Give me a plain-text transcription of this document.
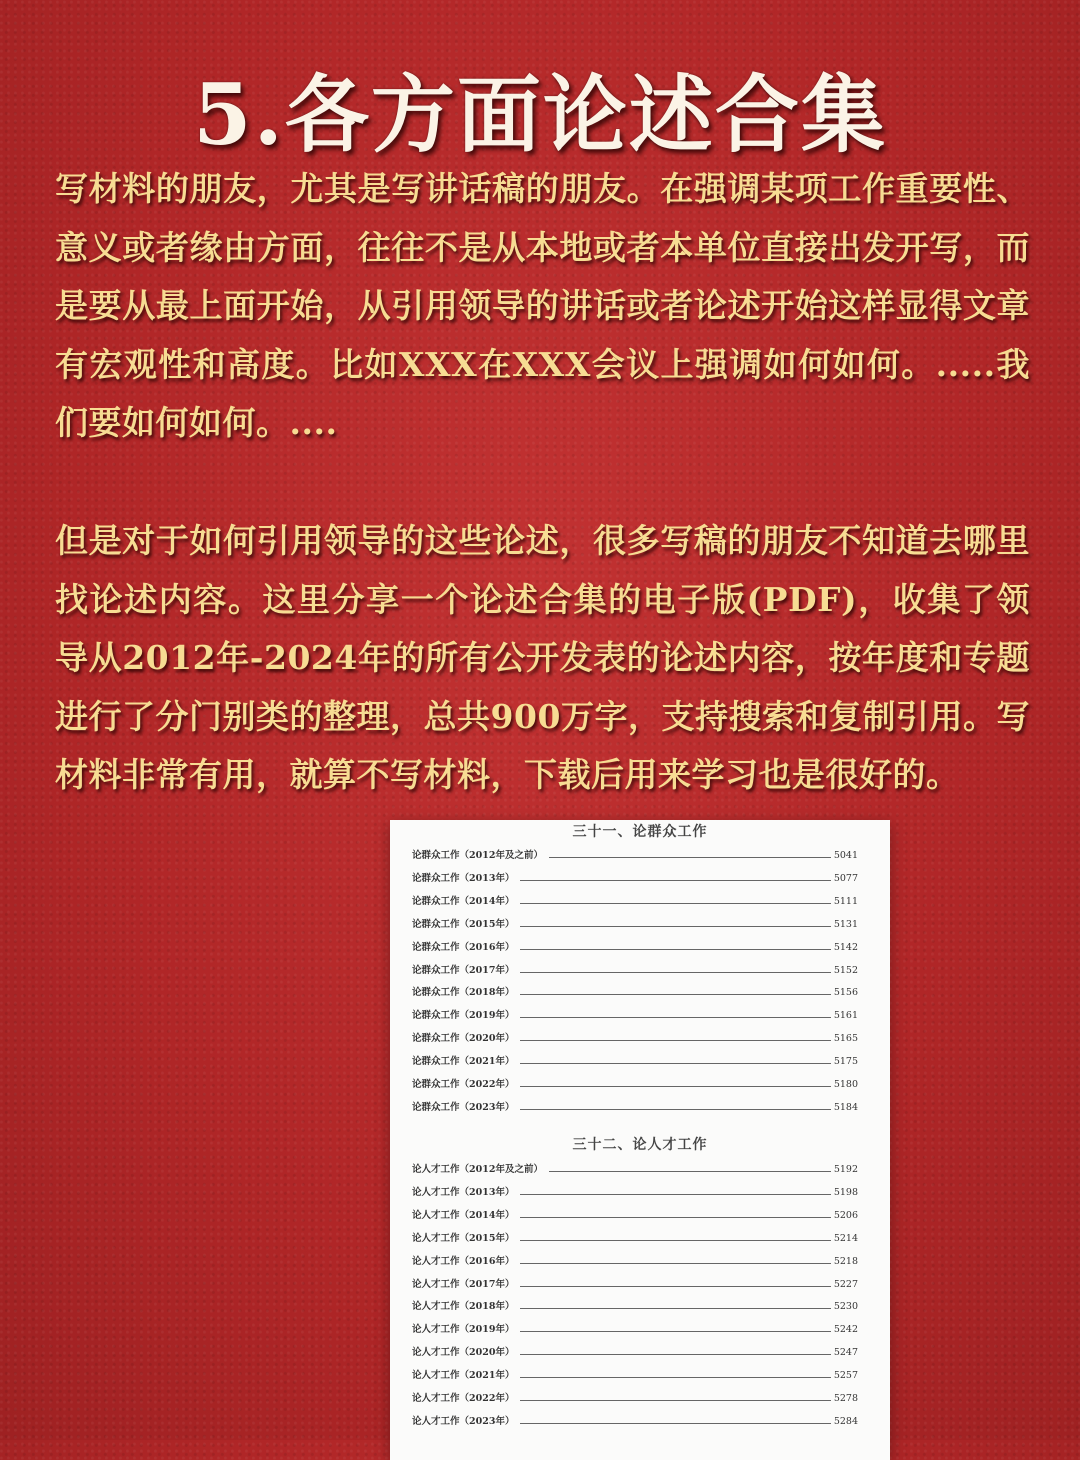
5.各方面论述合集

写材料的朋友，尤其是写讲话稿的朋友。在强调某项工作重要性、意义或者缘由方面，往往不是从本地或者本单位直接出发开写，而是要从最上面开始，从引用领导的讲话或者论述开始这样显得文章有宏观性和高度。比如XXX在XXX会议上强调如何如何。.....我们要如何如何。....

但是对于如何引用领导的这些论述，很多写稿的朋友不知道去哪里找论述内容。这里分享一个论述合集的电子版(PDF)，收集了领导从2012年-2024年的所有公开发表的论述内容，按年度和专题进行了分门别类的整理，总共900万字，支持搜索和复制引用。写材料非常有用，就算不写材料，下载后用来学习也是很好的。

三十一、论群众工作
三十二、论人才工作
论群众工作（2012年及之前）	5041
论群众工作（2013年）	5077
论群众工作（2014年）	5111
论群众工作（2015年）	5131
论群众工作（2016年）	5142
论群众工作（2017年）	5152
论群众工作（2018年）	5156
论群众工作（2019年）	5161
论群众工作（2020年）	5165
论群众工作（2021年）	5175
论群众工作（2022年）	5180
论群众工作（2023年）	5184
论人才工作（2012年及之前）	5192
论人才工作（2013年）	5198
论人才工作（2014年）	5206
论人才工作（2015年）	5214
论人才工作（2016年）	5218
论人才工作（2017年）	5227
论人才工作（2018年）	5230
论人才工作（2019年）	5242
论人才工作（2020年）	5247
论人才工作（2021年）	5257
论人才工作（2022年）	5278
论人才工作（2023年）	5284
